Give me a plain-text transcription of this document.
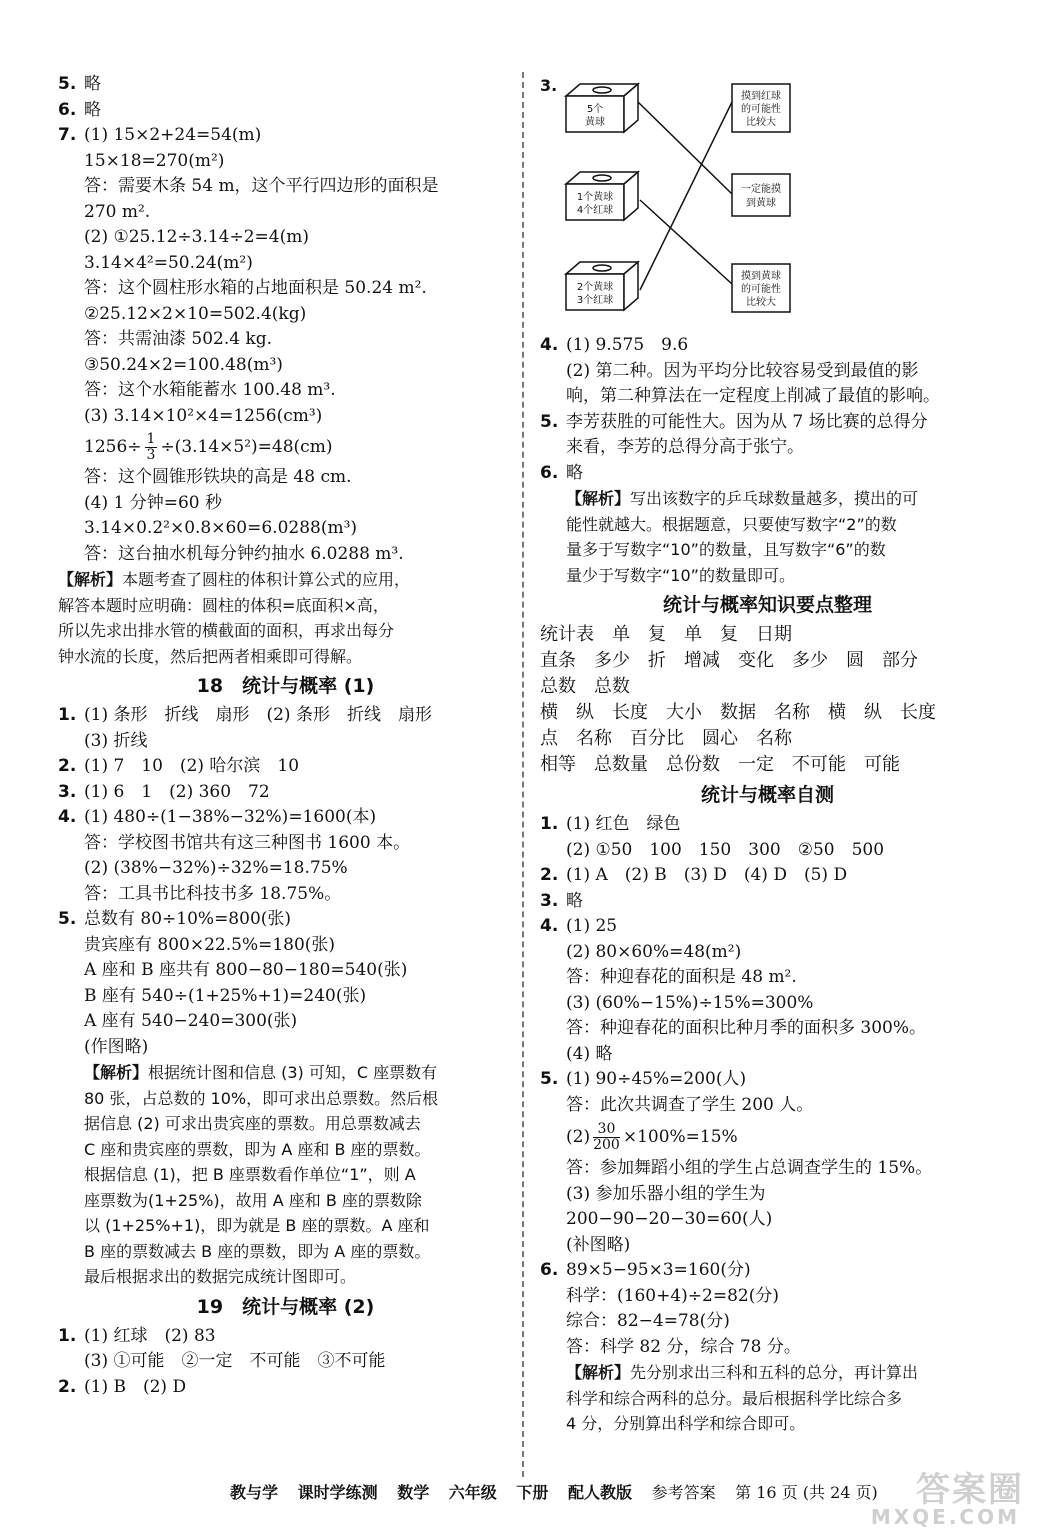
5. 略
6. 略
7. (1) 15×2+24=54(m)
15×18=270(m²)
答：需要木条 54 m，这个平行四边形的面积是
270 m².
(2) ①25.12÷3.14÷2=4(m)
3.14×4²=50.24(m²)
答：这个圆柱形水箱的占地面积是 50.24 m².
②25.12×2×10=502.4(kg)
答：共需油漆 502.4 kg.
③50.24×2=100.48(m³)
答：这个水箱能蓄水 100.48 m³.
(3) 3.14×10²×4=1256(cm³)
$1256\div \frac{1}{3} \div(3.14\times 5^2)=48(cm)$
答：这个圆锥形铁块的高是 48 cm.
(4) 1 分钟=60 秒
3.14×0.2²×0.8×60=6.0288(m³)
答：这台抽水机每分钟约抽水 6.0288 m³.
【解析】本题考查了圆柱的体积计算公式的应用，
解答本题时应明确：圆柱的体积=底面积×高，
所以先求出排水管的横截面的面积，再求出每分
钟水流的长度，然后把两者相乘即可得解。
18　统计与概率 (1)
1. (1) 条形　折线　扇形　(2) 条形　折线　扇形
(3) 折线
2. (1) 7　10　(2) 哈尔滨　10
3. (1) 6　1　(2) 360　72
4. (1) 480÷(1−38%−32%)=1600(本)
答：学校图书馆共有这三种图书 1600 本。
(2) (38%−32%)÷32%=18.75%
答：工具书比科技书多 18.75%。
5. 总数有 80÷10%=800(张)
贵宾座有 800×22.5%=180(张)
A 座和 B 座共有 800−80−180=540(张)
B 座有 540÷(1+25%+1)=240(张)
A 座有 540−240=300(张)
(作图略)
【解析】根据统计图和信息 (3) 可知，C 座票数有
80 张，占总数的 10%，即可求出总票数。然后根
据信息 (2) 可求出贵宾座的票数。用总票数减去
C 座和贵宾座的票数，即为 A 座和 B 座的票数。
根据信息 (1)，把 B 座票数看作单位“1”，则 A
座票数为(1+25%)，故用 A 座和 B 座的票数除
以 (1+25%+1)，即为就是 B 座的票数。A 座和
B 座的票数减去 B 座的票数，即为 A 座的票数。
最后根据求出的数据完成统计图即可。
19　统计与概率 (2)
1. (1) 红球　(2) 83
(3) ①可能　②一定　不可能　③不可能
2. (1) B　(2) D
3.
5个
黄球
1个黄球
4个红球
2个黄球
3个红球
摸到红球
的可能性
比较大
一定能摸
到黄球
摸到黄球
的可能性
比较大
4. (1) 9.575　9.6
(2) 第二种。因为平均分比较容易受到最值的影
响，第二种算法在一定程度上削减了最值的影响。
5. 李芳获胜的可能性大。因为从 7 场比赛的总得分
来看，李芳的总得分高于张宁。
6. 略
【解析】写出该数字的乒乓球数量越多，摸出的可
能性就越大。根据题意，只要使写数字“2”的数
量多于写数字“10”的数量，且写数字“6”的数
量少于写数字“10”的数量即可。
统计与概率知识要点整理
统计表　单　复　单　复　日期
直条　多少　折　增减　变化　多少　圆　部分
总数　总数
横　纵　长度　大小　数据　名称　横　纵　长度
点　名称　百分比　圆心　名称
相等　总数量　总份数　一定　不可能　可能
统计与概率自测
1. (1) 红色　绿色
(2) ①50　100　150　300　②50　500
2. (1) A　(2) B　(3) D　(4) D　(5) D
3. 略
4. (1) 25
(2) 80×60%=48(m²)
答：种迎春花的面积是 48 m².
(3) (60%−15%)÷15%=300%
答：种迎春花的面积比种月季的面积多 300%。
(4) 略
5. (1) 90÷45%=200(人)
答：此次共调查了学生 200 人。
$(2) \frac{30}{200} \times 100\%=15\%$
答：参加舞蹈小组的学生占总调查学生的 15%。
(3) 参加乐器小组的学生为
200−90−20−30=60(人)
(补图略)
6. 89×5−95×3=160(分)
科学：(160+4)÷2=82(分)
综合：82−4=78(分)
答：科学 82 分，综合 78 分。
【解析】先分别求出三科和五科的总分，再计算出
科学和综合两科的总分。最后根据科学比综合多
4 分，分别算出科学和综合即可。
教与学 课时学练测 数学 六年级 下册 配人教版 参考答案 第 16 页 (共 24 页)	答案圈
MXQE.COM
